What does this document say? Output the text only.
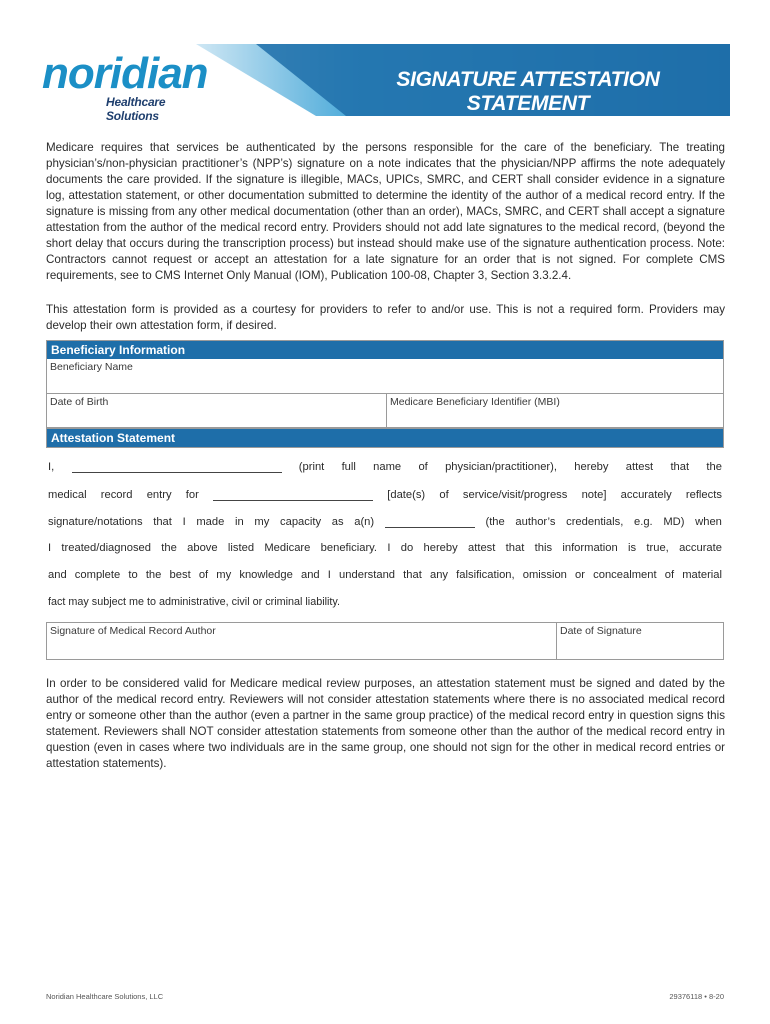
noridian
Healthcare Solutions
SIGNATURE ATTESTATION STATEMENT

Medicare requires that services be authenticated by the persons responsible for the care of the beneficiary. The treating physician’s/non-physician practitioner’s (NPP’s) signature on a note indicates that the physician/NPP affirms the note adequately documents the care provided. If the signature is illegible, MACs, UPICs, SMRC, and CERT shall consider evidence in a signature log, attestation statement, or other documentation submitted to determine the identity of the author of a medical record entry. If the signature is missing from any other medical documentation (other than an order), MACs, SMRC, and CERT shall accept a signature attestation from the author of the medical record entry. Providers should not add late signatures to the medical record, (beyond the short delay that occurs during the transcription process) but instead should make use of the signature authentication process. Note: Contractors cannot request or accept an attestation for a late signature for an order that is not signed. For complete CMS requirements, see to CMS Internet Only Manual (IOM), Publication 100-08, Chapter 3, Section 3.3.2.4.

This attestation form is provided as a courtesy for providers to refer to and/or use. This is not a required form. Providers may develop their own attestation form, if desired.

Beneficiary Information
Beneficiary Name
Date of Birth	Medicare Beneficiary Identifier (MBI)
Attestation Statement
I,	(print full name of physician/practitioner), hereby attest that the
medical record entry for	[date(s) of service/visit/progress note] accurately reflects
signature/notations that I made in my capacity as a(n)	(the author’s credentials, e.g. MD) when
I treated/diagnosed the above listed Medicare beneficiary. I do hereby attest that this information is true, accurate
and complete to the best of my knowledge and I understand that any falsification, omission or concealment of material
fact may subject me to administrative, civil or criminal liability.
Signature of Medical Record Author	Date of Signature

In order to be considered valid for Medicare medical review purposes, an attestation statement must be signed and dated by the author of the medical record entry. Reviewers will not consider attestation statements where there is no associated medical record entry or someone other than the author (even a partner in the same group practice) of the medical record entry in question signs this statement. Reviewers shall NOT consider attestation statements from someone other than the author of the medical record entry in question (even in cases where two individuals are in the same group, one should not sign for the other in medical record entries or attestation statements).

Noridian Healthcare Solutions, LLC	29376118 • 8-20
